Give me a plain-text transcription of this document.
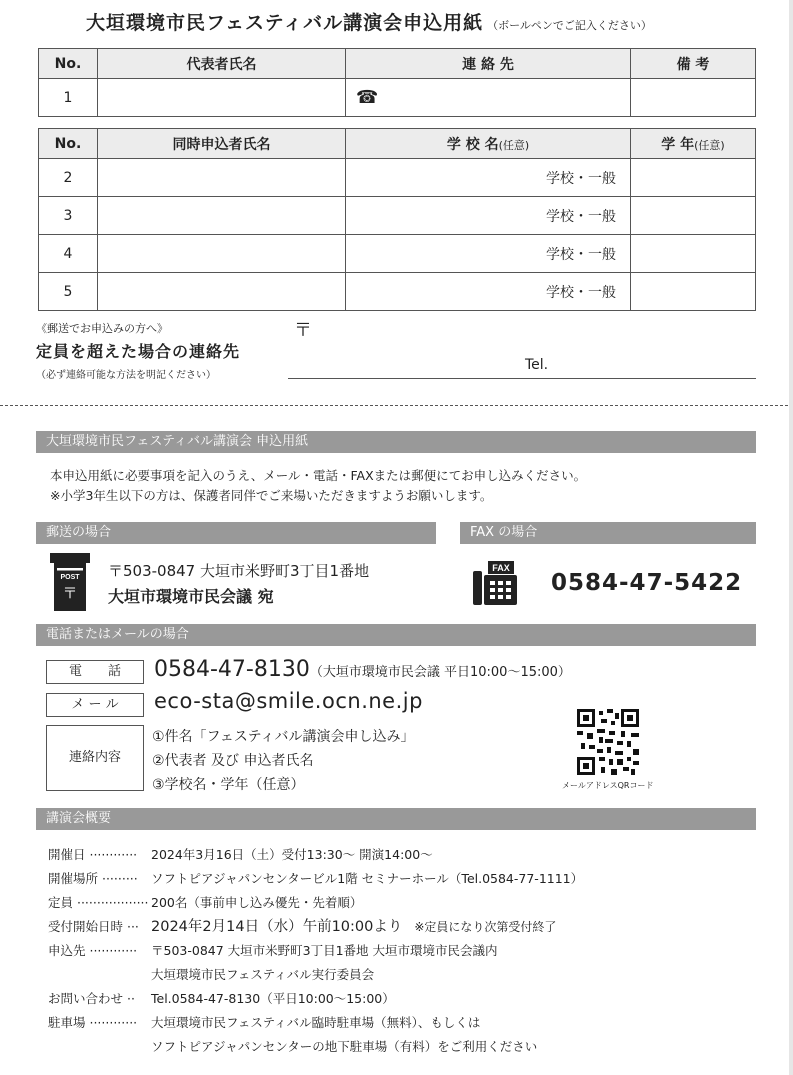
大垣環境市民フェスティバル講演会申込用紙 （ボールペンでご記入ください）
No.	代表者氏名	連 絡 先	備 考
1		☎	
No.	同時申込者氏名	学 校 名(任意)	学 年(任意)
2		学校・一般	
3		学校・一般	
4		学校・一般	
5		学校・一般	
《郵送でお申込みの方へ》
定員を超えた場合の連絡先
（必ず連絡可能な方法を明記ください）
〒
Tel.
大垣環境市民フェスティバル講演会 申込用紙
本申込用紙に必要事項を記入のうえ、メール・電話・FAXまたは郵便にてお申し込みください。
※小学3年生以下の方は、保護者同伴でご来場いただきますようお願いします。
郵送の場合	FAX の場合
POST
〒
〒503-0847 大垣市米野町3丁目1番地
大垣市環境市民会議 宛
FAX
0584-47-5422
電話またはメールの場合
電　　話	0584-47-8130（大垣市環境市民会議 平日10:00〜15:00）
メ ー ル	eco-sta@smile.ocn.ne.jp
連絡内容
①件名「フェスティバル講演会申し込み」
②代表者 及び 申込者氏名
③学校名・学年（任意）	メールアドレスQRコード
講演会概要
開催日 ············	2024年3月16日（土）受付13:30〜 開演14:00〜
開催場所 ·········	ソフトピアジャパンセンタービル1階 セミナーホール（Tel.0584-77-1111）
定員 ·················· 200名（事前申し込み優先・先着順）
受付開始日時 ··· 2024年2月14日（水）午前10:00より ※定員になり次第受付終了
申込先 ············	〒503-0847 大垣市米野町3丁目1番地 大垣市環境市民会議内
大垣環境市民フェスティバル実行委員会
お問い合わせ ··	Tel.0584-47-8130（平日10:00〜15:00）
駐車場 ············	大垣環境市民フェスティバル臨時駐車場（無料）、もしくは
ソフトピアジャパンセンターの地下駐車場（有料）をご利用ください
